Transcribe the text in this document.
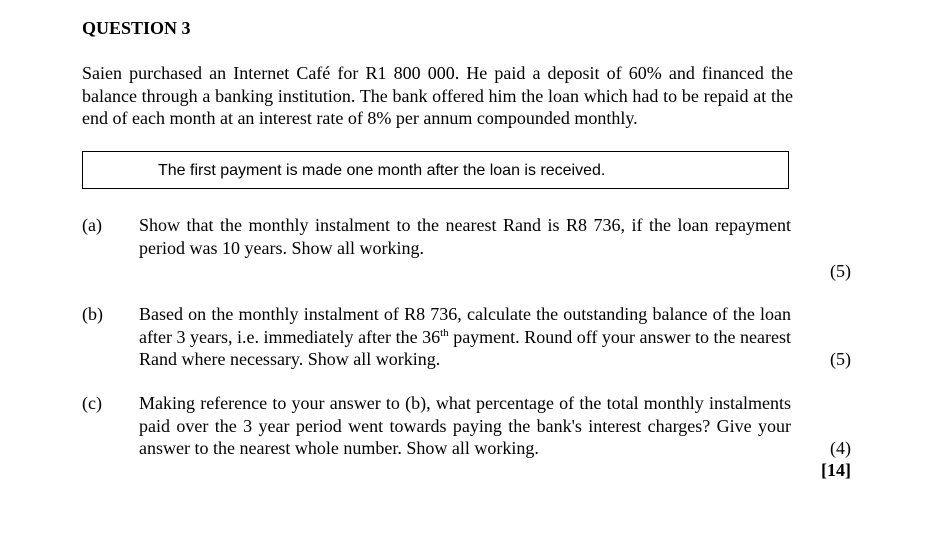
QUESTION 3

Saien purchased an Internet Café for R1 800 000. He paid a deposit of 60% and financed the balance through a banking institution. The bank offered him the loan which had to be repaid at the end of each month at an interest rate of 8% per annum compounded monthly.

The first payment is made one month after the loan is received.
(a) Show that the monthly instalment to the nearest Rand is R8 736, if the loan repayment period was 10 years. Show all working.

(5)
(b) Based on the monthly instalment of R8 736, calculate the outstanding balance of the loan after 3 years, i.e. immediately after the 36th payment. Round off your answer to the nearest Rand where necessary. Show all working.	(5)
(c) Making reference to your answer to (b), what percentage of the total monthly instalments paid over the 3 year period went towards paying the bank's interest charges? Give your answer to the nearest whole number. Show all working.	(4)
[14]
